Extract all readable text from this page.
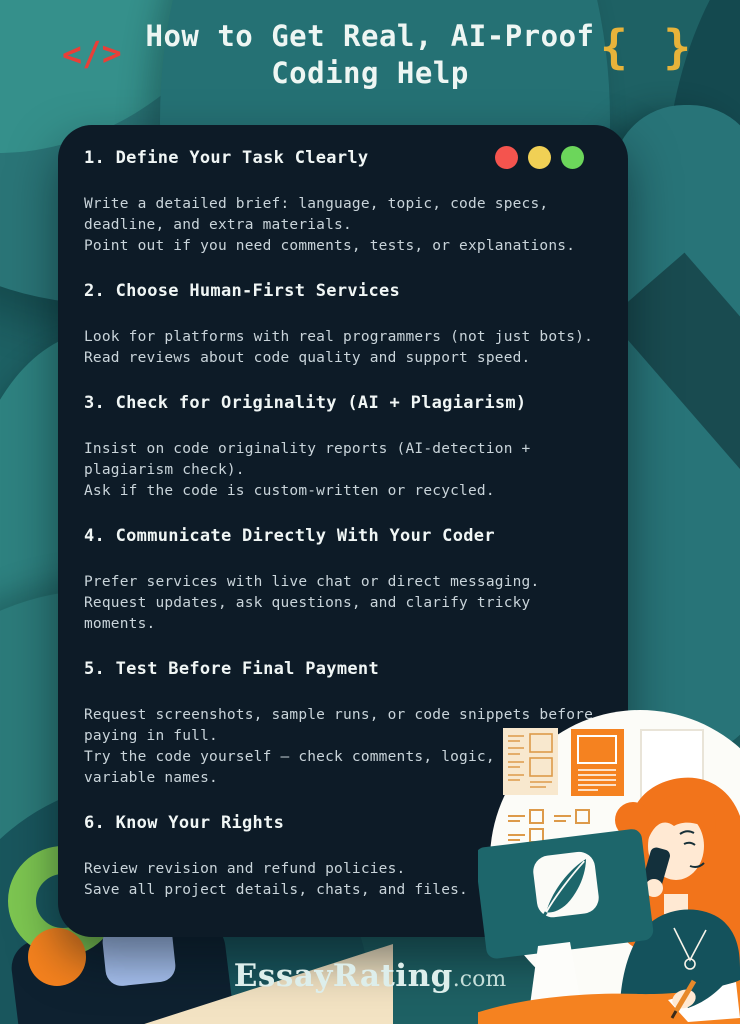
</> How to Get Real, AI-Proof
Coding Help	{ }
1. Define Your Task Clearly
Write a detailed brief: language, topic, code specs,
deadline, and extra materials.
Point out if you need comments, tests, or explanations.
2. Choose Human-First Services
Look for platforms with real programmers (not just bots).
Read reviews about code quality and support speed.
3. Check for Originality (AI + Plagiarism)
Insist on code originality reports (AI-detection +
plagiarism check).
Ask if the code is custom-written or recycled.
4. Communicate Directly With Your Coder
Prefer services with live chat or direct messaging.
Request updates, ask questions, and clarify tricky
moments.
5. Test Before Final Payment
Request screenshots, sample runs, or code snippets before
paying in full.
Try the code yourself — check comments, logic,
variable names.
6. Know Your Rights
Review revision and refund policies.
Save all project details, chats, and files.
EssayRating.com
